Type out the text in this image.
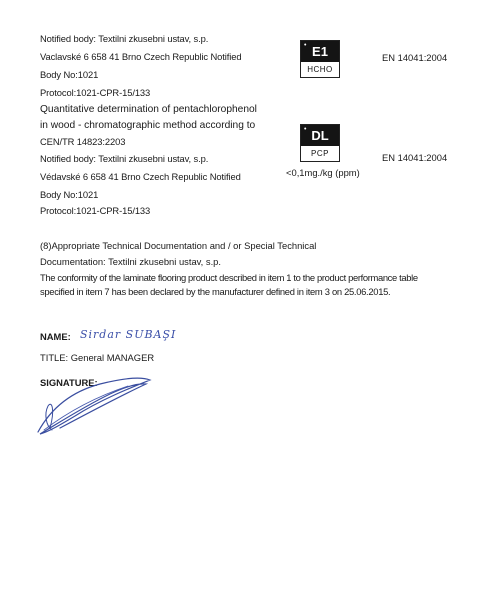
Notified body: Textilni zkusebni ustav, s.p.
Vaclavské 6 658 41 Brno Czech Republic Notified
Body No:1021
Protocol:1021-CPR-15/133
E1
•
HCHO
EN 14041:2004
Quantitative determination of pentachlorophenol
in wood - chromatographic method according to
CEN/TR 14823:2203
Notified body: Textilni zkusebni ustav, s.p.
Védavské 6 658 41 Brno Czech Republic Notified
Body No:1021
Protocol:1021-CPR-15/133
DL
•
PCP
<0,1mg./kg (ppm)
EN 14041:2004
(8)Appropriate Technical Documentation and / or Special Technical
Documentation: Textilni zkusebni ustav, s.p.
The conformity of the laminate flooring product described in item 1 to the product performance table
specified in item 7 has been declared by the manufacturer defined in item 3 on 25.06.2015.
NAME: Sirdar SUBAŞI
TITLE: General MANAGER
SIGNATURE:
